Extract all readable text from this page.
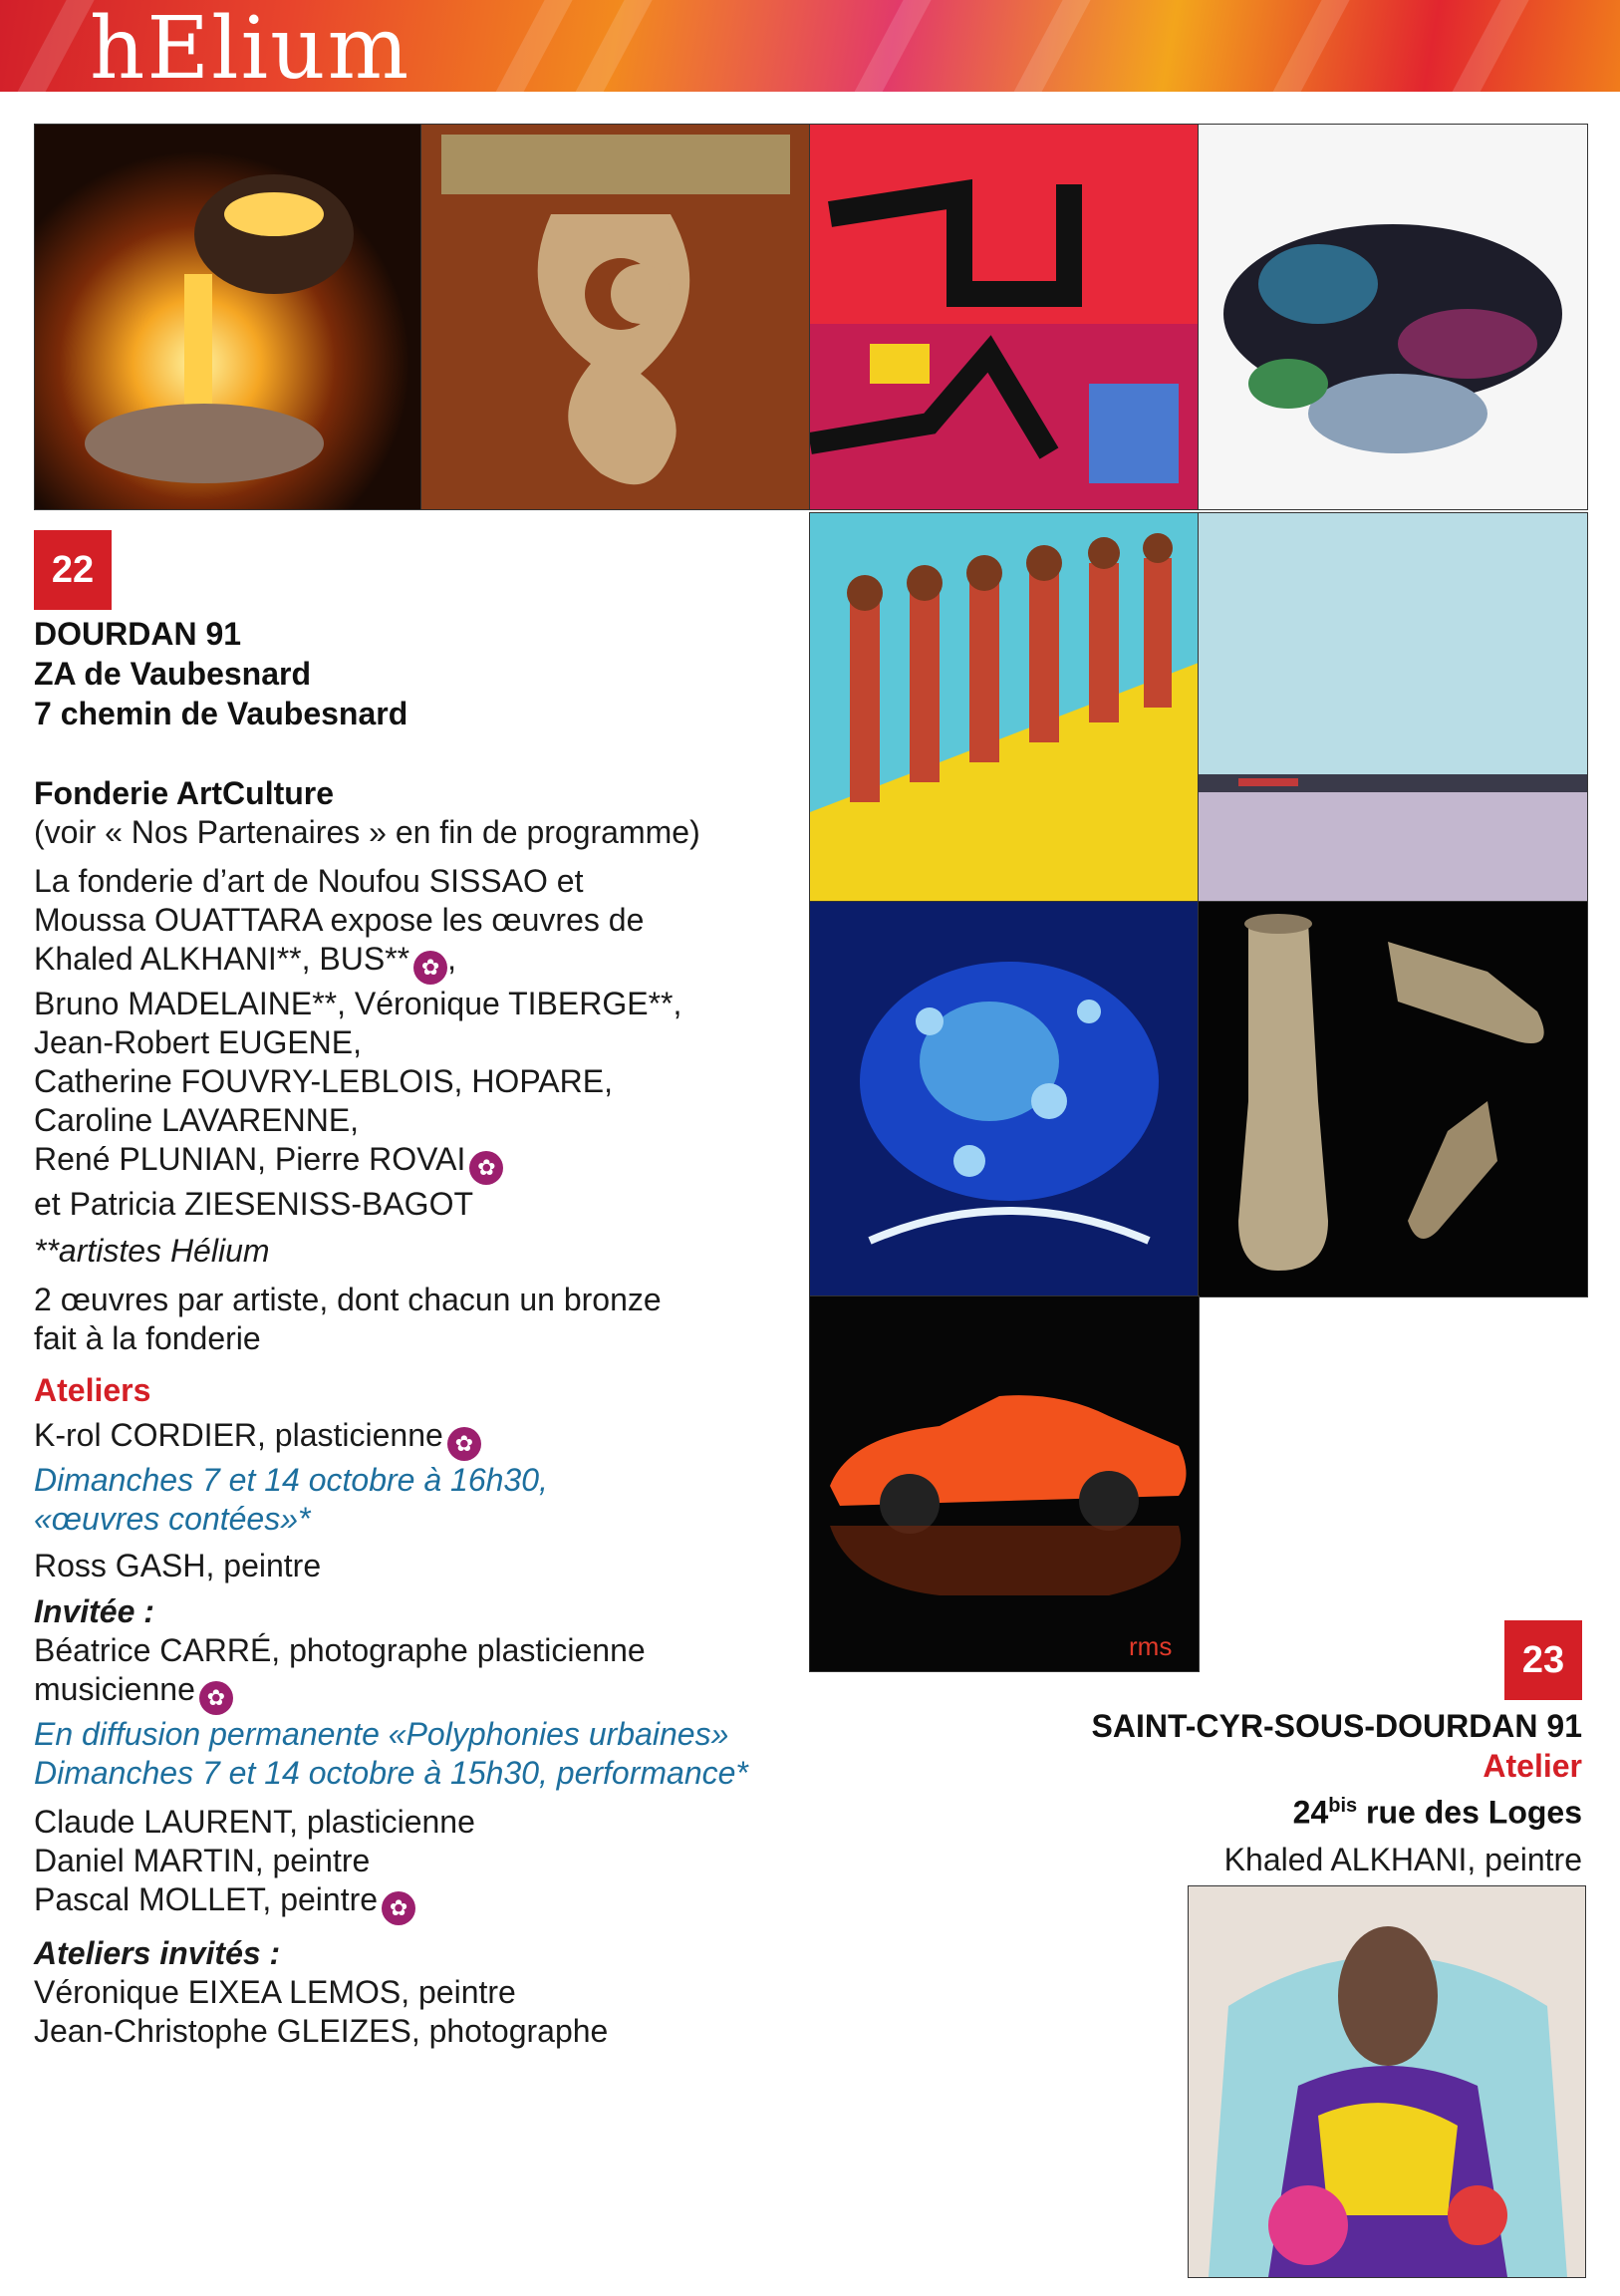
hElium
rms
22
DOURDAN 91
ZA de Vaubesnard
7 chemin de Vaubesnard
Fonderie ArtCulture
(voir « Nos Partenaires » en fin de programme)
La fonderie d’art de Noufou SISSAO et
Moussa OUATTARA expose les œuvres de
Khaled ALKHANI**, BUS** ✿ ,
Bruno MADELAINE**, Véronique TIBERGE**,
Jean-Robert EUGENE,
Catherine FOUVRY-LEBLOIS, HOPARE,
Caroline LAVARENNE,
René PLUNIAN, Pierre ROVAI ✿
et Patricia ZIESENISS-BAGOT
**artistes Hélium
2 œuvres par artiste, dont chacun un bronze
fait à la fonderie
Ateliers
K-rol CORDIER, plasticienne ✿
Dimanches 7 et 14 octobre à 16h30,
«œuvres contées»*
Ross GASH, peintre
Invitée :
Béatrice CARRÉ, photographe plasticienne
musicienne ✿
En diffusion permanente «Polyphonies urbaines»
Dimanches 7 et 14 octobre à 15h30, performance*
Claude LAURENT, plasticienne
Daniel MARTIN, peintre
Pascal MOLLET, peintre ✿
Ateliers invités :
Véronique EIXEA LEMOS, peintre
Jean-Christophe GLEIZES, photographe
23
SAINT-CYR-SOUS-DOURDAN 91
Atelier
$24^{bis}$ rue des Loges
Khaled ALKHANI, peintre
